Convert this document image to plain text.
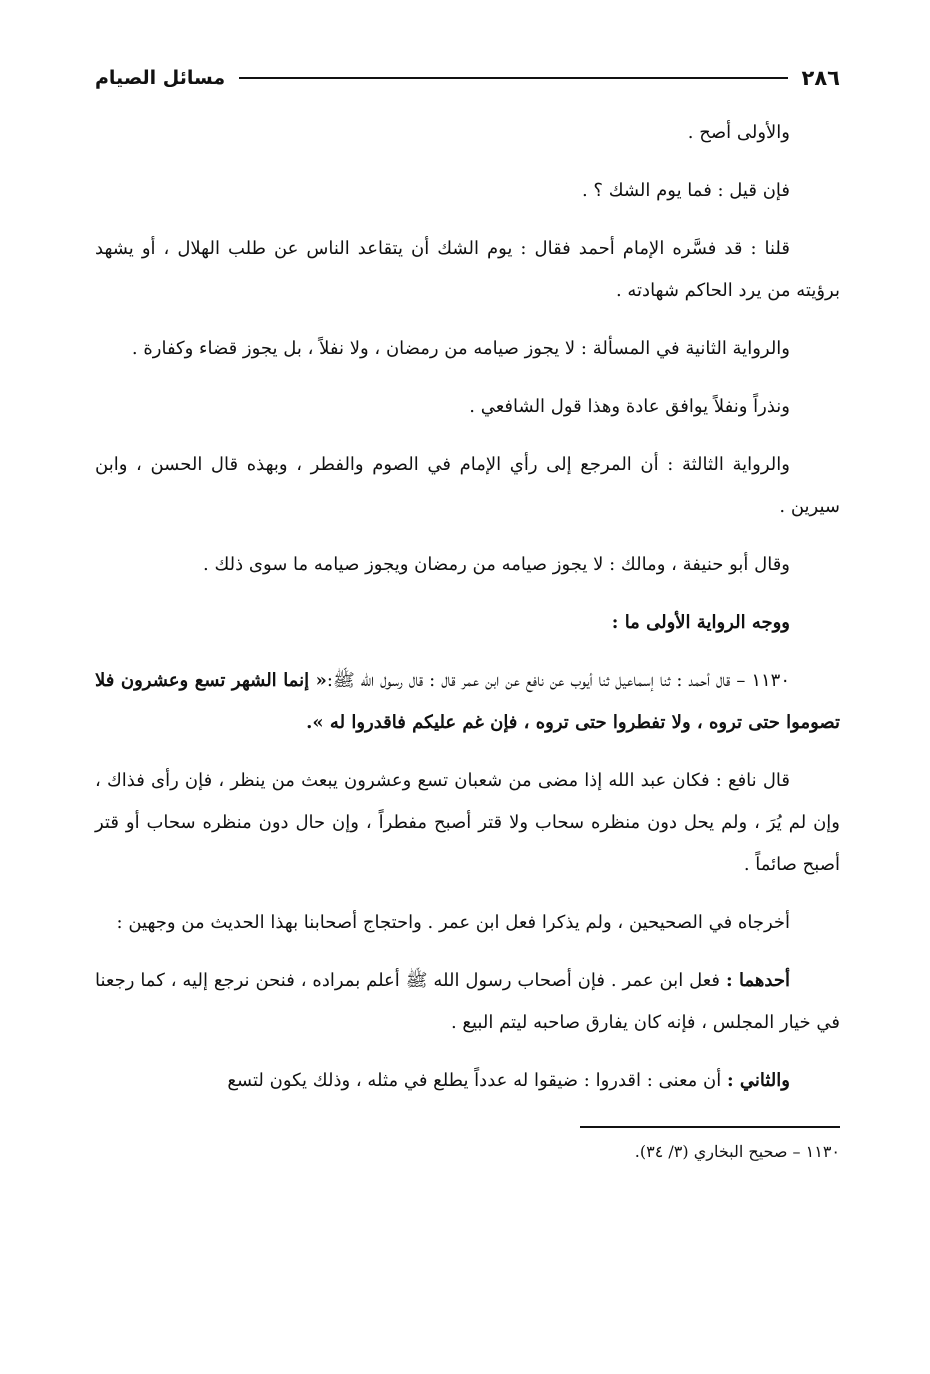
٢٨٦
مسائل الصيام

والأولى أصح .

فإن قيل : فما يوم الشك ؟ .

قلنا : قد فسَّره الإمام أحمد فقال : يوم الشك أن يتقاعد الناس عن طلب الهلال ، أو يشهد برؤيته من يرد الحاكم شهادته .

والرواية الثانية في المسألة : لا يجوز صيامه من رمضان ، ولا نفلاً ، بل يجوز قضاء وكفارة .

ونذراً ونفلاً يوافق عادة وهذا قول الشافعي .

والرواية الثالثة : أن المرجع إلى رأي الإمام في الصوم والفطر ، وبهذه قال الحسن ، وابن سيرين .

وقال أبو حنيفة ، ومالك : لا يجوز صيامه من رمضان ويجوز صيامه ما سوى ذلك .

ووجه الرواية الأولى ما :

١١٣٠ – قال أحمد : ثنا إسماعيل ثنا أيوب عن نافع عن ابن عمر قال : قال رسول الله ﷺ:« إنما الشهر تسع وعشرون فلا تصوموا حتى تروه ، ولا تفطروا حتى تروه ، فإن غم عليكم فاقدروا له ».

قال نافع : فكان عبد الله إذا مضى من شعبان تسع وعشرون يبعث من ينظر ، فإن رأى فذاك ، وإن لم يُرَ ، ولم يحل دون منظره سحاب ولا قتر أصبح مفطراً ، وإن حال دون منظره سحاب أو قتر أصبح صائماً .

أخرجاه في الصحيحين ، ولم يذكرا فعل ابن عمر . واحتجاج أصحابنا بهذا الحديث من وجهين :

أحدهما : فعل ابن عمر . فإن أصحاب رسول الله ﷺ أعلم بمراده ، فنحن نرجع إليه ، كما رجعنا في خيار المجلس ، فإنه كان يفارق صاحبه ليتم البيع .

والثاني : أن معنى : اقدروا : ضيقوا له عدداً يطلع في مثله ، وذلك يكون لتسع

١١٣٠ – صحيح البخاري (٣/ ٣٤).
